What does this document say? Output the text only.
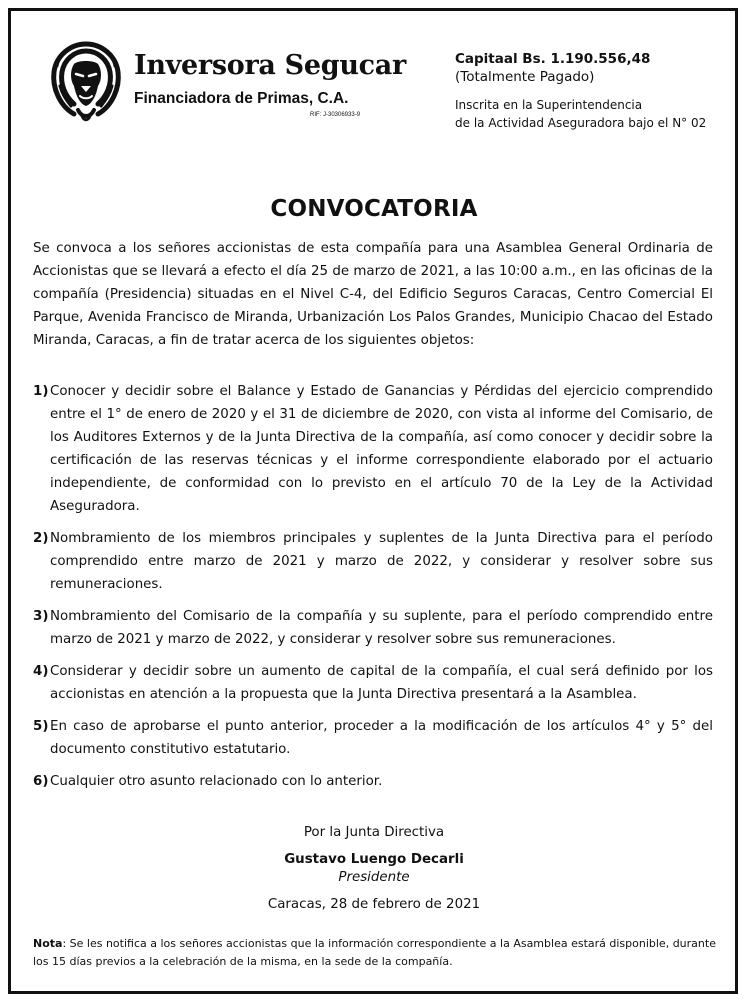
Inversora Segucar
Financiadora de Primas, C.A.
RIF: J-30306933-9
Capitaal Bs. 1.190.556,48
(Totalmente Pagado)
Inscrita en la Superintendencia
de la Actividad Aseguradora bajo el N° 02
CONVOCATORIA
Se convoca a los señores accionistas de esta compañía para una Asamblea General Ordinaria de Accionistas que se llevará a efecto el día 25 de marzo de 2021, a las 10:00 a.m., en las oficinas de la compañía (Presidencia) situadas en el Nivel C-4, del Edificio Seguros Caracas, Centro Comercial El Parque, Avenida Francisco de Miranda, Urbanización Los Palos Grandes, Municipio Chacao del Estado Miranda, Caracas, a fin de tratar acerca de los siguientes objetos:
1) Conocer y decidir sobre el Balance y Estado de Ganancias y Pérdidas del ejercicio comprendido entre el 1° de enero de 2020 y el 31 de diciembre de 2020, con vista al informe del Comisario, de los Auditores Externos y de la Junta Directiva de la compañía, así como conocer y decidir sobre la certificación de las reservas técnicas y el informe correspondiente elaborado por el actuario independiente, de conformidad con lo previsto en el artículo 70 de la Ley de la Actividad Aseguradora.
2) Nombramiento de los miembros principales y suplentes de la Junta Directiva para el período comprendido entre marzo de 2021 y marzo de 2022, y considerar y resolver sobre sus remuneraciones.
3) Nombramiento del Comisario de la compañía y su suplente, para el período comprendido entre marzo de 2021 y marzo de 2022, y considerar y resolver sobre sus remuneraciones.
4) Considerar y decidir sobre un aumento de capital de la compañía, el cual será definido por los accionistas en atención a la propuesta que la Junta Directiva presentará a la Asamblea.
5) En caso de aprobarse el punto anterior, proceder a la modificación de los artículos 4° y 5° del documento constitutivo estatutario.
6) Cualquier otro asunto relacionado con lo anterior.
Por la Junta Directiva
Gustavo Luengo Decarli
Presidente
Caracas, 28 de febrero de 2021
Nota: Se les notifica a los señores accionistas que la información correspondiente a la Asamblea estará disponible, durante los 15 días previos a la celebración de la misma, en la sede de la compañía.
